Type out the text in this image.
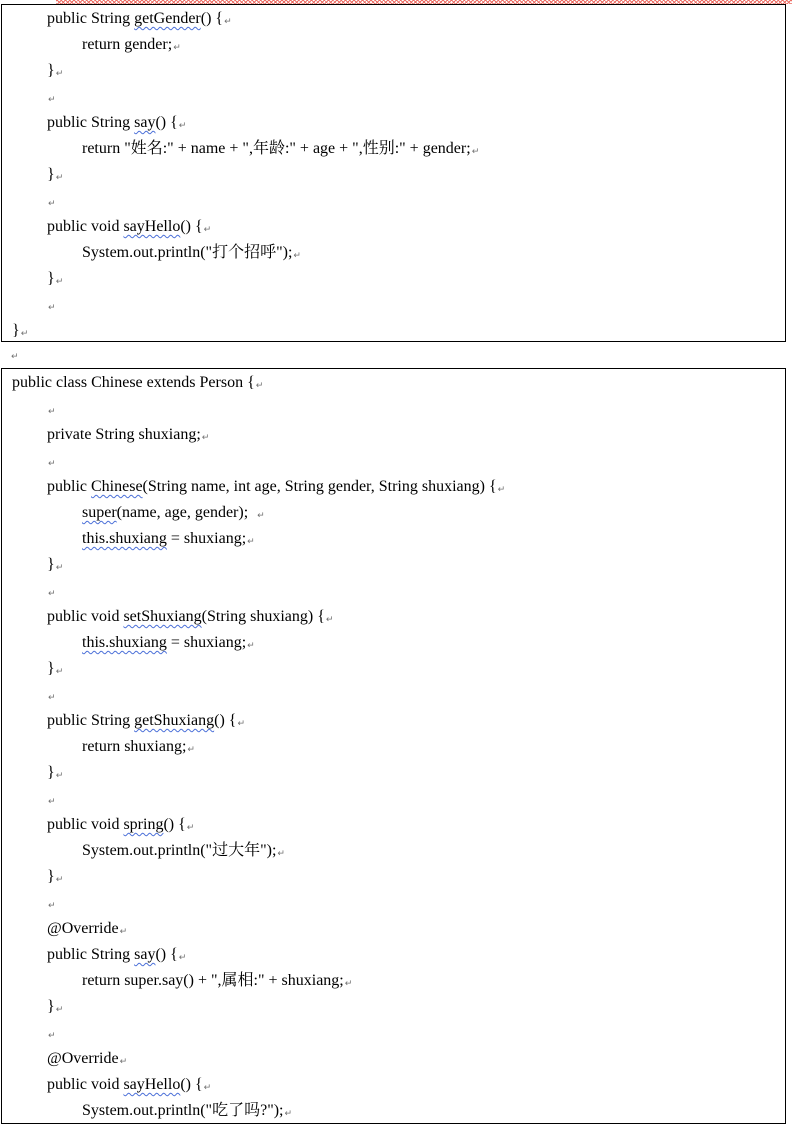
public String getGender() {↵
return gender;↵
}↵
↵
public String say() {↵
return "姓名:" + name + ",年龄:" + age + ",性别:" + gender;↵
}↵
↵
public void sayHello() {↵
System.out.println("打个招呼");↵
}↵
↵
}↵
↵
public class Chinese extends Person {↵
↵
private String shuxiang;↵
↵
public Chinese(String name, int age, String gender, String shuxiang) {↵
super(name, age, gender);  ↵
this.shuxiang = shuxiang;↵
}↵
↵
public void setShuxiang(String shuxiang) {↵
this.shuxiang = shuxiang;↵
}↵
↵
public String getShuxiang() {↵
return shuxiang;↵
}↵
↵
public void spring() {↵
System.out.println("过大年");↵
}↵
↵
@Override↵
public String say() {↵
return super.say() + ",属相:" + shuxiang;↵
}↵
↵
@Override↵
public void sayHello() {↵
System.out.println("吃了吗?");↵
